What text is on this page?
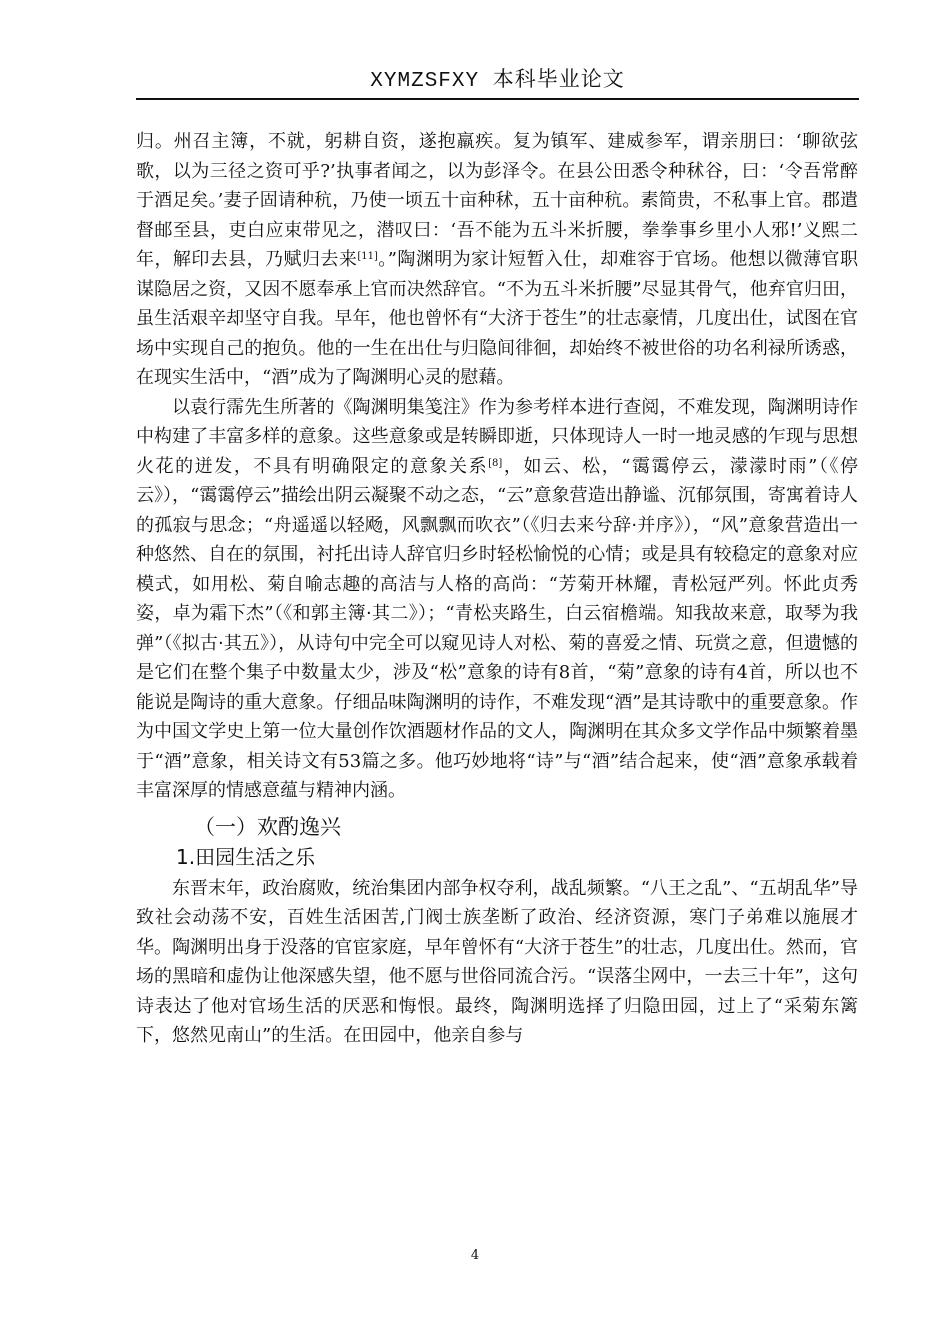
XYMZSFXY 本科毕业论文

归。州召主簿，不就，躬耕自资，遂抱羸疾。复为镇军、建威参军，谓亲朋曰：‘聊欲弦歌，以为三径之资可乎?’执事者闻之，以为彭泽令。在县公田悉令种秫谷，曰：‘令吾常醉于酒足矣。’妻子固请种秔，乃使一顷五十亩种秫，五十亩种秔。素简贵，不私事上官。郡遣督邮至县，吏白应束带见之，潜叹曰：‘吾不能为五斗米折腰，拳拳事乡里小人邪!’义熙二年，解印去县，乃赋归去来[11]。”陶渊明为家计短暂入仕，却难容于官场。他想以微薄官职谋隐居之资，又因不愿奉承上官而决然辞官。“不为五斗米折腰”尽显其骨气，他弃官归田，虽生活艰辛却坚守自我。早年，他也曾怀有“大济于苍生”的壮志豪情，几度出仕，试图在官场中实现自己的抱负。他的一生在出仕与归隐间徘徊，却始终不被世俗的功名利禄所诱惑，在现实生活中，“酒”成为了陶渊明心灵的慰藉。

以袁行霈先生所著的《陶渊明集笺注》作为参考样本进行查阅，不难发现，陶渊明诗作中构建了丰富多样的意象。这些意象或是转瞬即逝，只体现诗人一时一地灵感的乍现与思想火花的迸发，不具有明确限定的意象关系[8]，如云、松，“霭霭停云，濛濛时雨”（《停云》），“霭霭停云”描绘出阴云凝聚不动之态，“云”意象营造出静谧、沉郁氛围，寄寓着诗人的孤寂与思念；“舟遥遥以轻飏，风飘飘而吹衣”（《归去来兮辞·并序》），“风”意象营造出一种悠然、自在的氛围，衬托出诗人辞官归乡时轻松愉悦的心情；或是具有较稳定的意象对应模式，如用松、菊自喻志趣的高洁与人格的高尚：“芳菊开林耀，青松冠严列。怀此贞秀姿，卓为霜下杰”（《和郭主簿·其二》）；“青松夹路生，白云宿檐端。知我故来意，取琴为我弹”（《拟古·其五》），从诗句中完全可以窥见诗人对松、菊的喜爱之情、玩赏之意，但遗憾的是它们在整个集子中数量太少，涉及“松”意象的诗有8首，“菊”意象的诗有4首，所以也不能说是陶诗的重大意象。仔细品味陶渊明的诗作，不难发现“酒”是其诗歌中的重要意象。作为中国文学史上第一位大量创作饮酒题材作品的文人，陶渊明在其众多文学作品中频繁着墨于“酒”意象，相关诗文有53篇之多。他巧妙地将“诗”与“酒”结合起来，使“酒”意象承载着丰富深厚的情感意蕴与精神内涵。

（一）欢酌逸兴
1.田园生活之乐

东晋末年，政治腐败，统治集团内部争权夺利，战乱频繁。“八王之乱”、“五胡乱华”导致社会动荡不安，百姓生活困苦,门阀士族垄断了政治、经济资源，寒门子弟难以施展才华。陶渊明出身于没落的官宦家庭，早年曾怀有“大济于苍生”的壮志，几度出仕。然而，官场的黑暗和虚伪让他深感失望，他不愿与世俗同流合污。“误落尘网中，一去三十年”，这句诗表达了他对官场生活的厌恶和悔恨。最终，陶渊明选择了归隐田园，过上了“采菊东篱下，悠然见南山”的生活。在田园中，他亲自参与

4
